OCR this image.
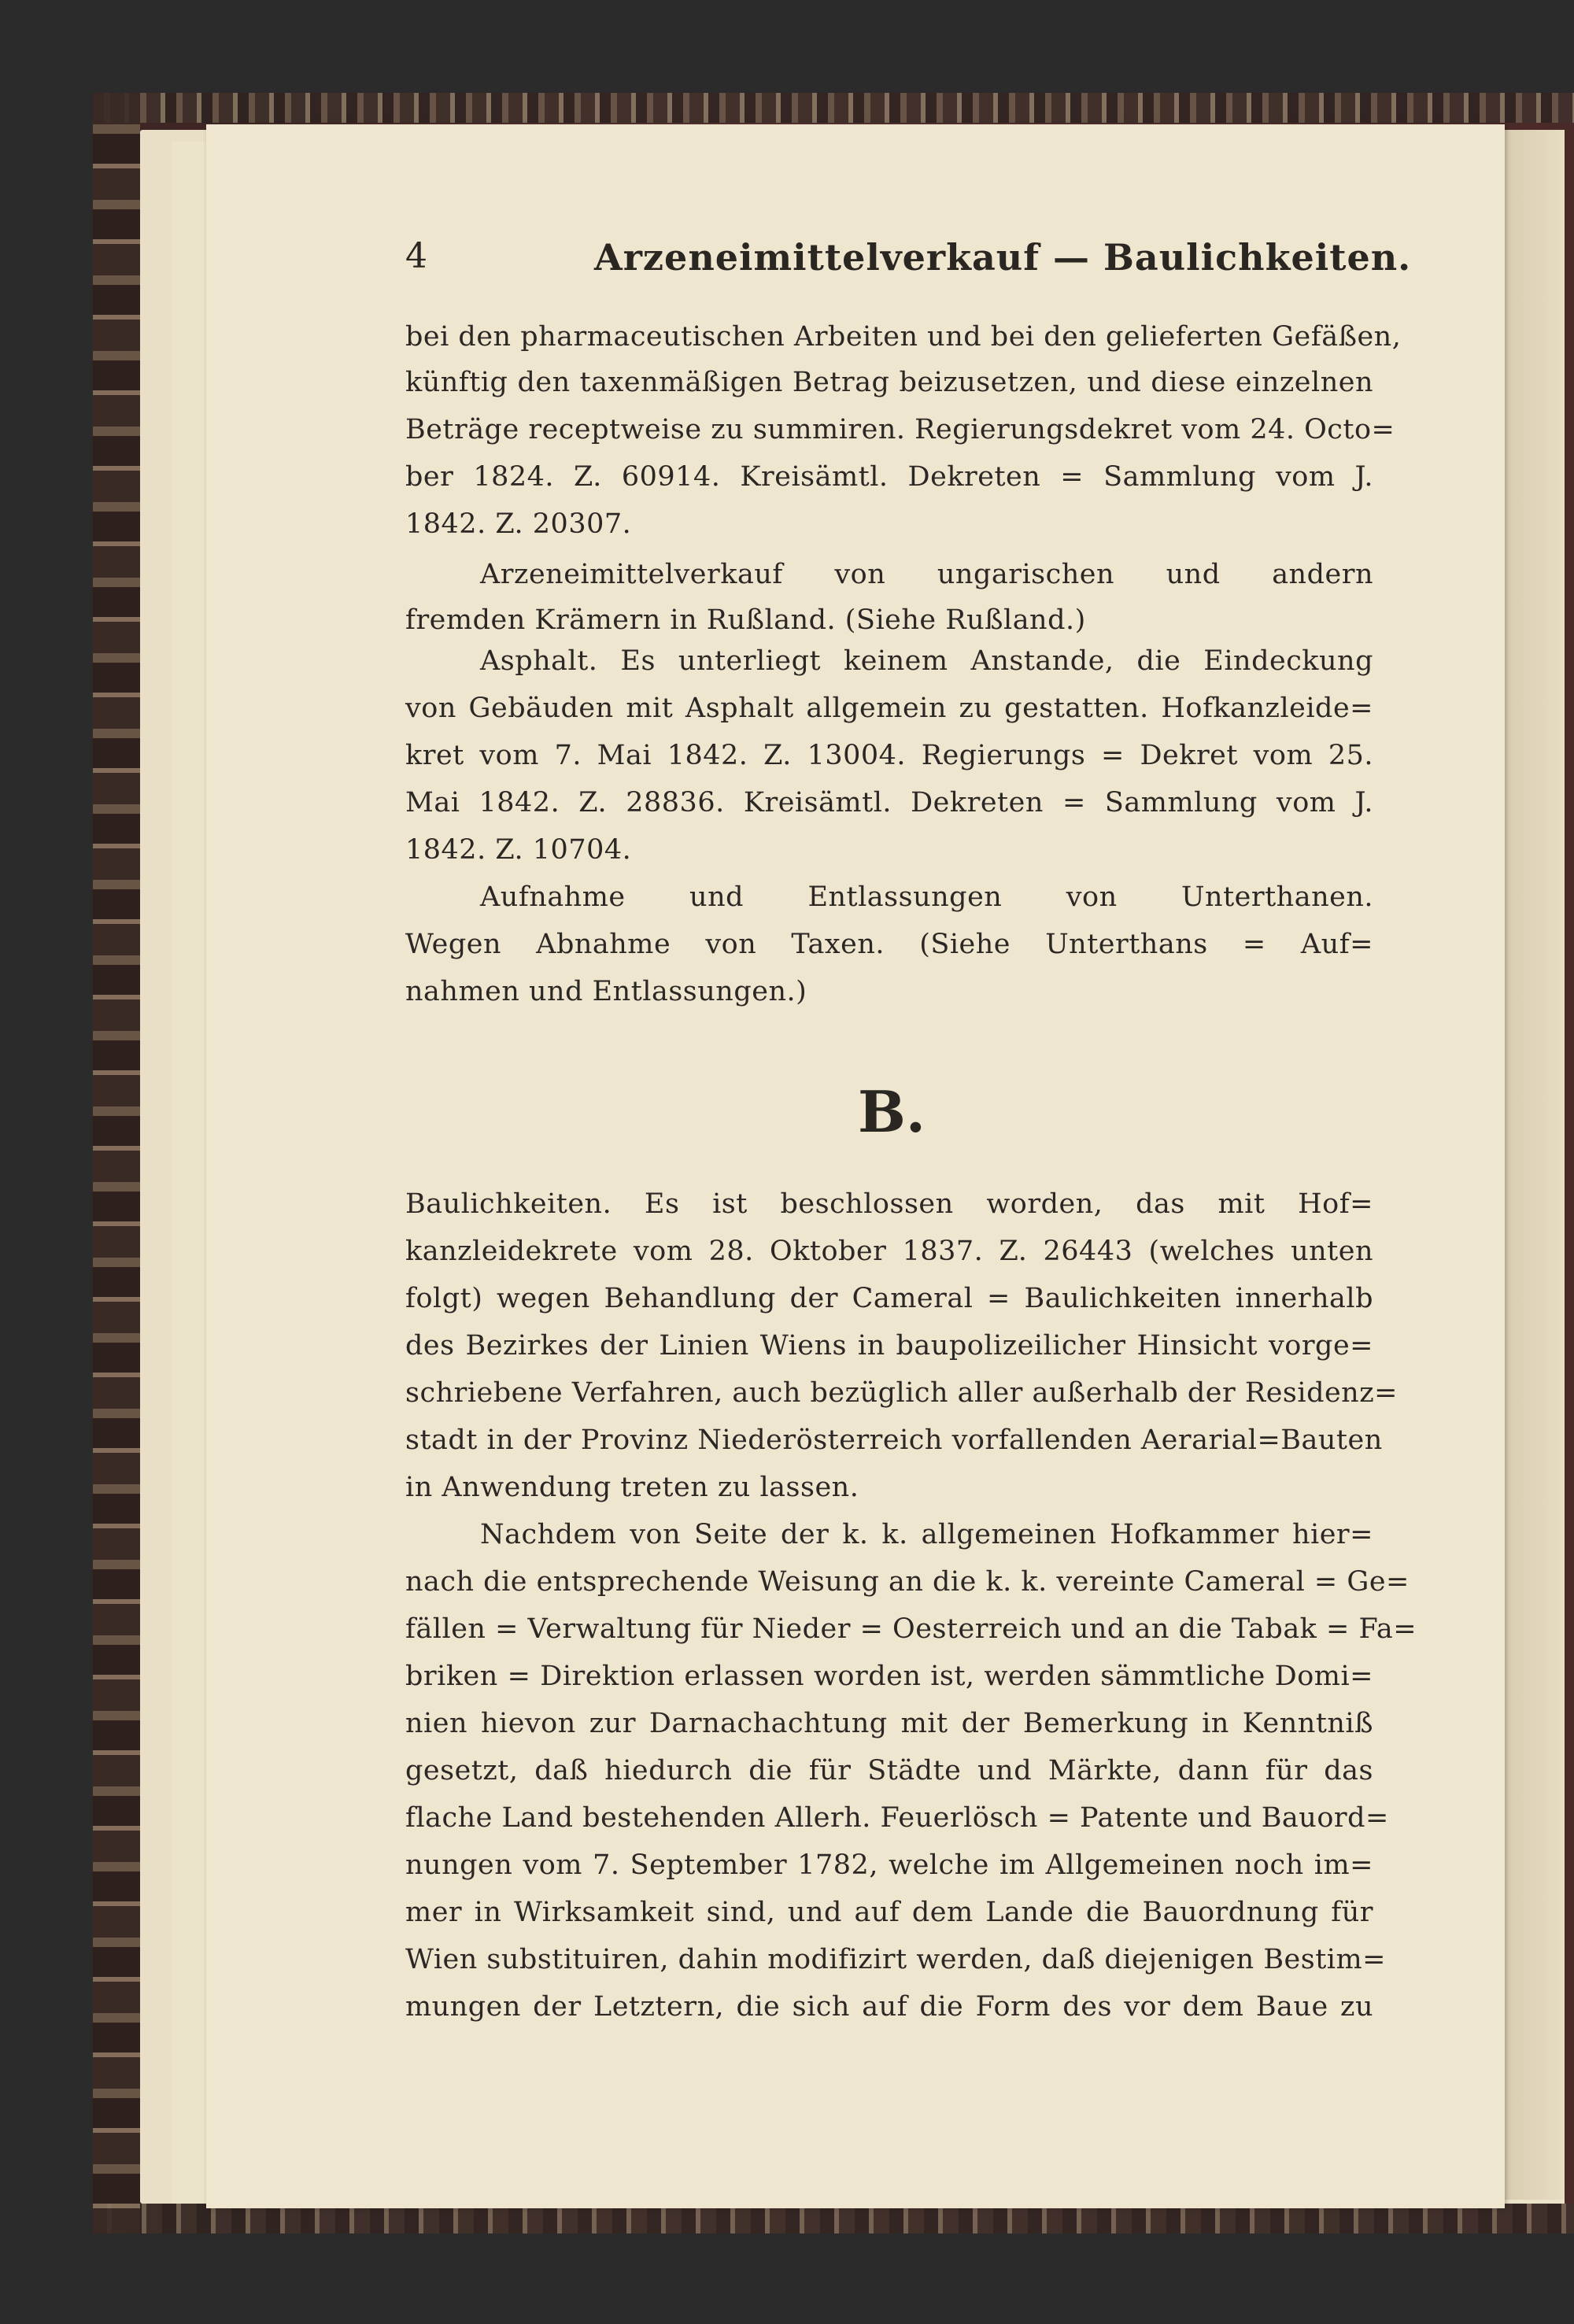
4	Arzeneimittelverkauf — Baulichkeiten.
bei den pharmaceutischen Arbeiten und bei den gelieferten Gefäßen,
künftig den taxenmäßigen Betrag beizusetzen, und diese einzelnen
Beträge receptweise zu summiren. Regierungsdekret vom 24. Octo=
ber 1824. Z. 60914. Kreisämtl. Dekreten = Sammlung vom J.
1842. Z. 20307.
Arzeneimittelverkauf von ungarischen und andern
fremden Krämern in Rußland. (Siehe Rußland.)
Asphalt. Es unterliegt keinem Anstande, die Eindeckung
von Gebäuden mit Asphalt allgemein zu gestatten. Hofkanzleide=
kret vom 7. Mai 1842. Z. 13004. Regierungs = Dekret vom 25.
Mai 1842. Z. 28836. Kreisämtl. Dekreten = Sammlung vom J.
1842. Z. 10704.
Aufnahme und Entlassungen von Unterthanen.
Wegen Abnahme von Taxen. (Siehe Unterthans = Auf=
nahmen und Entlassungen.)
B.
Baulichkeiten. Es ist beschlossen worden, das mit Hof=
kanzleidekrete vom 28. Oktober 1837. Z. 26443 (welches unten
folgt) wegen Behandlung der Cameral = Baulichkeiten innerhalb
des Bezirkes der Linien Wiens in baupolizeilicher Hinsicht vorge=
schriebene Verfahren, auch bezüglich aller außerhalb der Residenz=
stadt in der Provinz Niederösterreich vorfallenden Aerarial=Bauten
in Anwendung treten zu lassen.
Nachdem von Seite der k. k. allgemeinen Hofkammer hier=
nach die entsprechende Weisung an die k. k. vereinte Cameral = Ge=
fällen = Verwaltung für Nieder = Oesterreich und an die Tabak = Fa=
briken = Direktion erlassen worden ist, werden sämmtliche Domi=
nien hievon zur Darnachachtung mit der Bemerkung in Kenntniß
gesetzt, daß hiedurch die für Städte und Märkte, dann für das
flache Land bestehenden Allerh. Feuerlösch = Patente und Bauord=
nungen vom 7. September 1782, welche im Allgemeinen noch im=
mer in Wirksamkeit sind, und auf dem Lande die Bauordnung für
Wien substituiren, dahin modifizirt werden, daß diejenigen Bestim=
mungen der Letztern, die sich auf die Form des vor dem Baue zu
